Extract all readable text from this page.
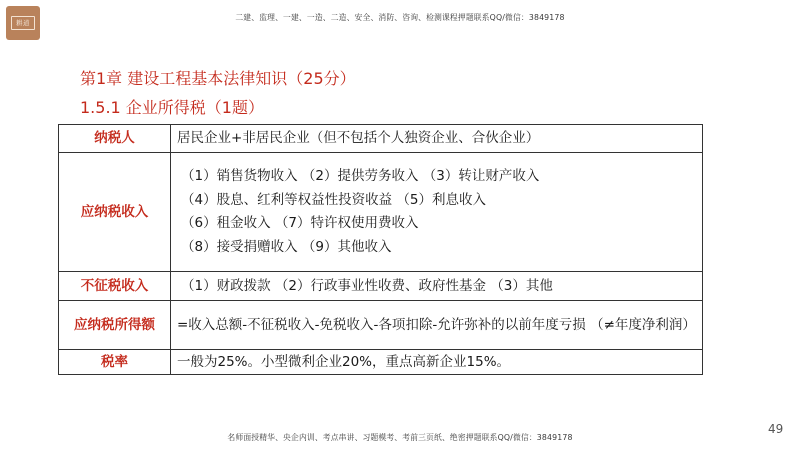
耕道
二建、监理、一建、一造、二造、安全、消防、咨询、检测课程押题联系QQ/微信：3849178
第1章 建设工程基本法律知识（25分）
1.5.1 企业所得税（1题）
纳税人	居民企业+非居民企业（但不包括个人独资企业、合伙企业）
应纳税收入	（1）销售货物收入 （2）提供劳务收入 （3）转让财产收入
（4）股息、红利等权益性投资收益 （5）利息收入
（6）租金收入 （7）特许权使用费收入
（8）接受捐赠收入 （9）其他收入

不征税收入	（1）财政拨款 （2）行政事业性收费、政府性基金 （3）其他
应纳税所得额	=收入总额-不征税收入-免税收入-各项扣除-允许弥补的以前年度亏损 （≠年度净利润）
税率	一般为25%。小型微利企业20%，重点高新企业15%。
49
名师面授精华、央企内训、考点串讲、习题模考、考前三页纸、绝密押题联系QQ/微信：3849178
